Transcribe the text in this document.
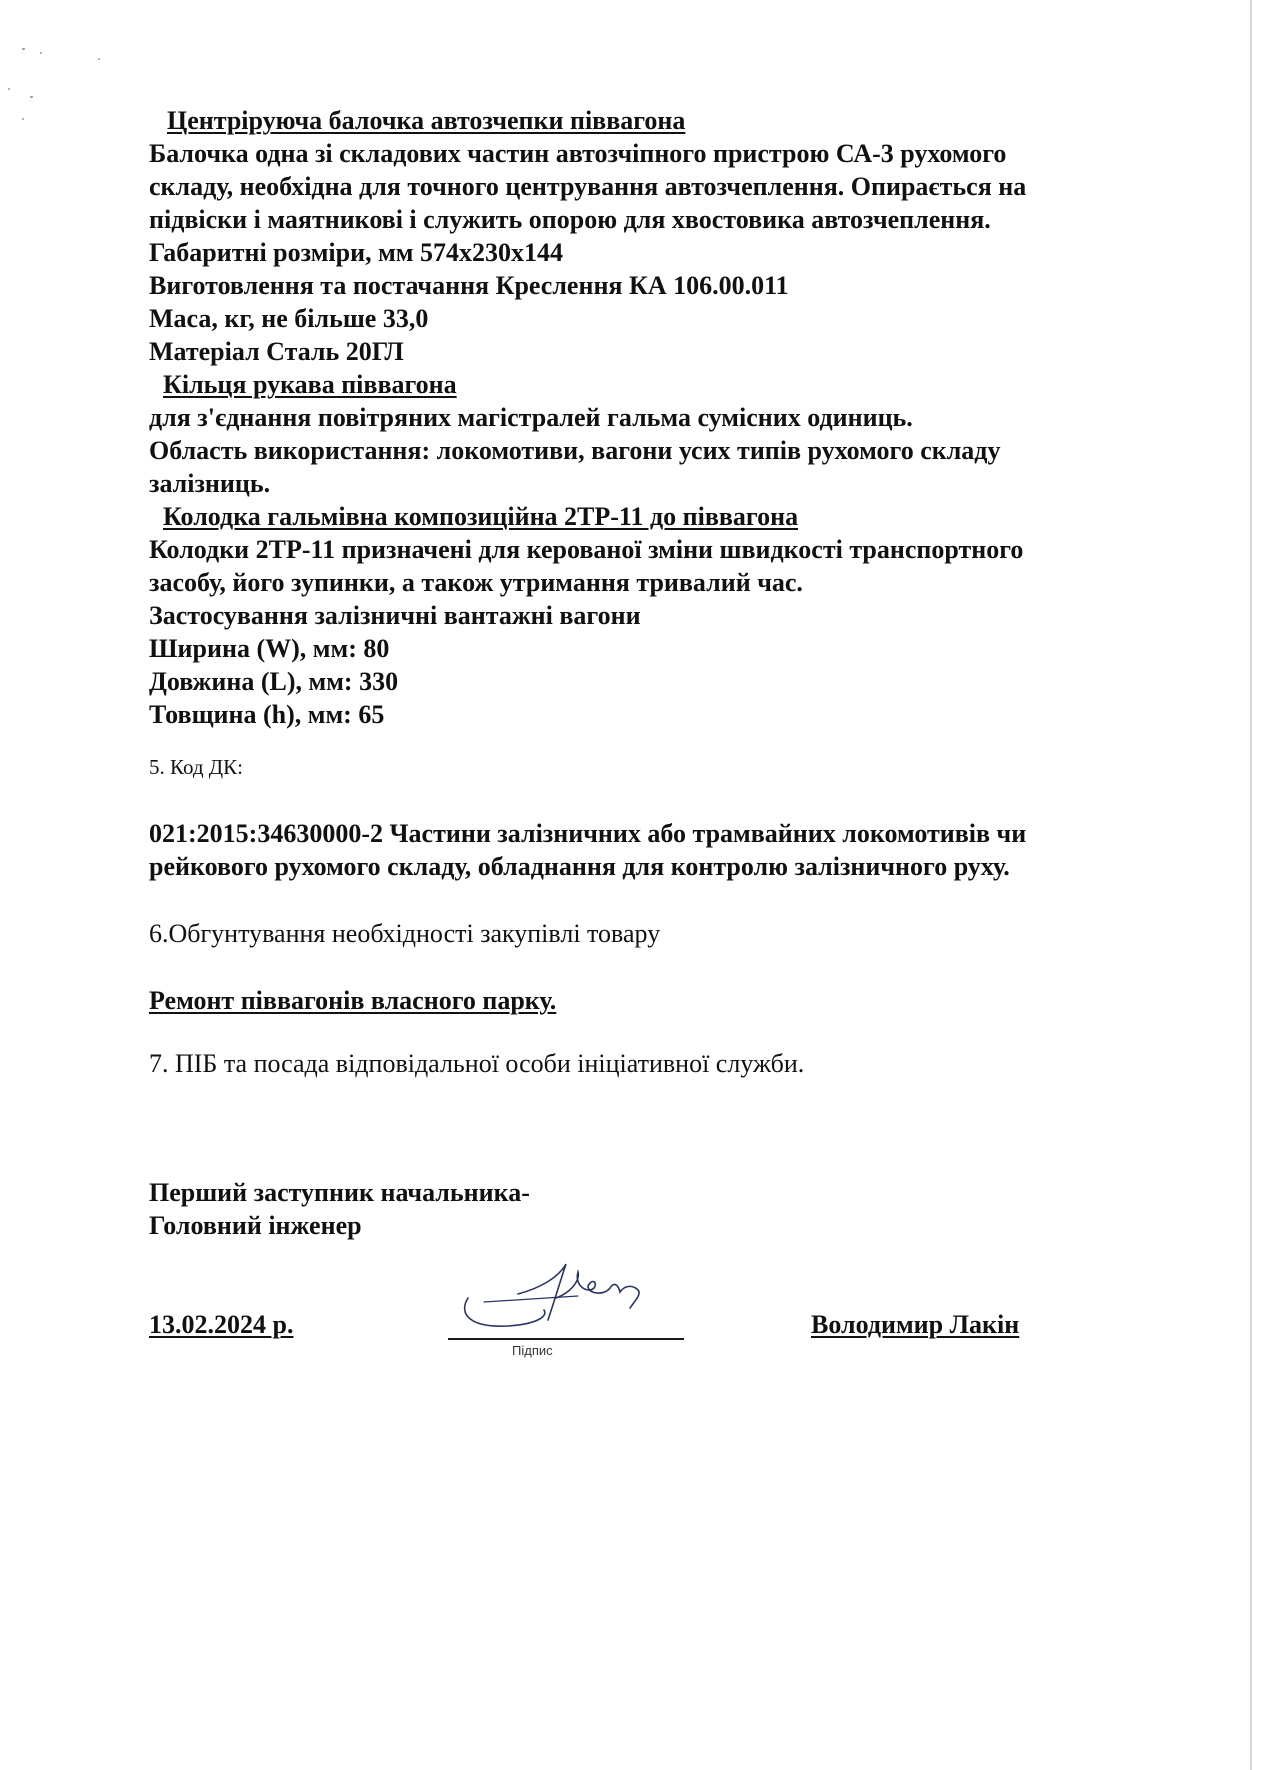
Центріруюча балочка автозчепки піввагона
Балочка одна зі складових частин автозчіпного пристрою СА-3 рухомого
складу, необхідна для точного центрування автозчеплення. Опирається на
підвіски і маятникові і служить опорою для хвостовика автозчеплення.
Габаритні розміри, мм 574x230x144
Виготовлення та постачання Креслення КА 106.00.011
Маса, кг, не більше 33,0
Матеріал Сталь 20ГЛ
Кільця рукава піввагона
для з'єднання повітряних магістралей гальма сумісних одиниць.
Область використання: локомотиви, вагони усих типів рухомого складу
залізниць.
Колодка гальмівна композиційна 2ТР-11 до піввагона
Колодки 2ТР-11 призначені для керованої зміни швидкості транспортного
засобу, його зупинки, а також утримання тривалий час.
Застосування залізничні вантажні вагони
Ширина (W), мм: 80
Довжина (L), мм: 330
Товщина (h), мм: 65
5. Код ДК:
021:2015:34630000-2 Частини залізничних або трамвайних локомотивів чи
рейкового рухомого складу, обладнання для контролю залізничного руху.
6.Обгунтування необхідності закупівлі товару
Ремонт піввагонів власного парку.
7. ПІБ та посада відповідальної особи ініціативної служби.
Перший заступник начальника-
Головний інженер
13.02.2024 р.
Підпис
Володимир Лакін
